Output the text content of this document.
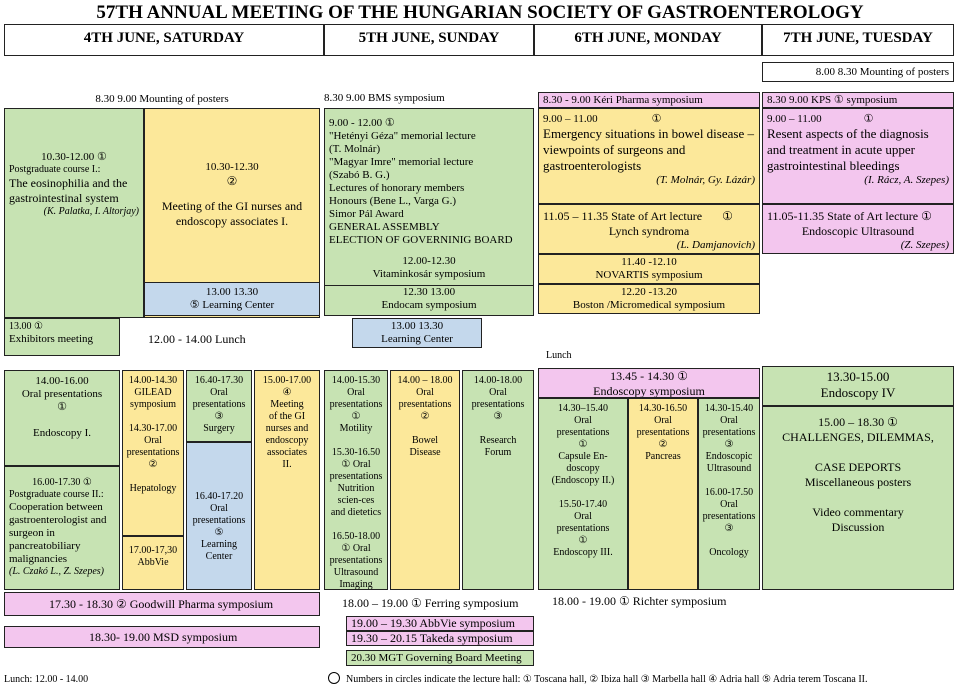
57TH ANNUAL MEETING OF THE HUNGARIAN SOCIETY OF GASTROENTEROLOGY
4TH JUNE, SATURDAY	5TH JUNE, SUNDAY	6TH JUNE, MONDAY	7TH JUNE, TUESDAY
8.00 8.30 Mounting of posters
8.30 9.00 Mounting of posters
10.30-12.00 ①
Postgraduate course I.:
The eosinophilia and the gastrointestinal system
(K. Palatka, I. Altorjay)
10.30-12.30
②
Meeting of the GI nurses and endoscopy associates I.
13.00 13.30
⑤ Learning Center
13.00 ①
Exhibitors meeting	12.00 - 14.00 Lunch
14.00-16.00
Oral presentations
①

Endoscopy I.
16.00-17.30 ①
Postgraduate course II.:
Cooperation between gastroenterologist and surgeon in pancreatobiliary malignancies
(L. Czakó L., Z. Szepes)
14.00-14.30
GILEAD
symposium

14.30-17.00
Oral
presentations
②

Hepatology
17.00-17,30
AbbVie
16.40-17.30
Oral
presentations
③
Surgery
16.40-17.20
Oral
presentations
⑤
Learning
Center
15.00-17.00
④
Meeting
of the GI
nurses and
endoscopy
associates
II.
17.30 - 18.30 ② Goodwill Pharma symposium
18.30- 19.00 MSD symposium
8.30 9.00 BMS symposium
9.00 - 12.00 ①
"Hetényi Géza" memorial lecture
(T. Molnár)
"Magyar Imre" memorial lecture
(Szabó B. G.)
Lectures of honorary members
Honours (Bene L., Varga G.)
Simor Pál Award
GENERAL ASSEMBLY
ELECTION OF GOVERNINIG BOARD
12.00-12.30
Vitaminkosár symposium
12.30 13.00
Endocam symposium
13.00 13.30
Learning Center
14.00-15.30
Oral
presentations
①
Motility

15.30-16.50
① Oral
presentations
Nutrition
scien-ces
and dietetics

16.50-18.00
① Oral
presentations
Ultrasound
Imaging
14.00 – 18.00
Oral
presentations
②

Bowel
Disease
14.00-18.00
Oral
presentations
③

Research
Forum
18.00 – 19.00 ① Ferring symposium
19.00 – 19.30 AbbVie symposium
19.30 – 20.15 Takeda symposium
20.30 MGT Governing Board Meeting
8.30 - 9.00 Kéri Pharma symposium
9.00 – 11.00	①
Emergency situations in bowel disease – viewpoints of surgeons and gastroenterologists
(T. Molnár, Gy. Lázár)
11.05 – 11.35 State of Art lecture ①
Lynch syndroma
(L. Damjanovich)
11.40 -12.10
NOVARTIS symposium
12.20 -13.20
Boston /Micromedical symposium
Lunch
13.45 - 14.30 ①
Endoscopy symposium
14.30–15.40
Oral
presentations
①
Capsule En-
doscopy
(Endoscopy II.)

15.50-17.40
Oral
presentations
①
Endoscopy III.
14.30-16.50
Oral
presentations
②
Pancreas
14.30-15.40
Oral
presentations
③
Endoscopic
Ultrasound

16.00-17.50
Oral
presentations
③

Oncology
18.00 - 19.00 ① Richter symposium
8.30 9.00 KPS ① symposium
9.00 – 11.00	①
Resent aspects of the diagnosis and treatment in acute upper gastrointestinal bleedings
(I. Rácz, A. Szepes)
11.05-11.35 State of Art lecture ①
Endoscopic Ultrasound
(Z. Szepes)
13.30-15.00
Endoscopy IV
15.00 – 18.30 ①
CHALLENGES, DILEMMAS,

CASE DEPORTS
Miscellaneous posters

Video commentary
Discussion
Lunch: 12.00 - 14.00	Numbers in circles indicate the lecture hall: ① Toscana hall, ② Ibiza hall ③ Marbella hall ④ Adria hall ⑤ Adria terem Toscana II.
